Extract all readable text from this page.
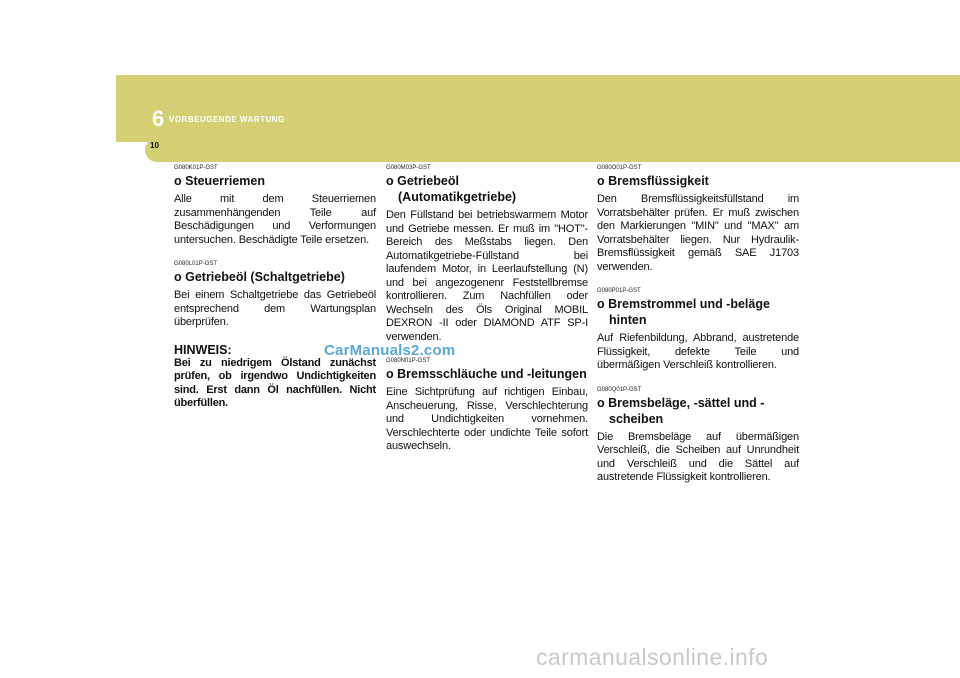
6 VORBEUGENDE WARTUNG
10
G080K01P-GST
o Steuerriemen

Alle mit dem Steuerriemen zusammenhängenden Teile auf Beschädigungen und Verformungen untersuchen. Beschädigte Teile ersetzen.

G080L01P-GST
o Getriebeöl (Schaltgetriebe)

Bei einem Schaltgetriebe das Getriebeöl entsprechend dem Wartungsplan überprüfen.

HINWEIS:
Bei zu niedrigem Ölstand zunächst prüfen, ob irgendwo Undichtigkeiten sind. Erst dann Öl nachfüllen. Nicht überfüllen.
G080M03P-GST
o Getriebeöl
(Automatikgetriebe)

Den Füllstand bei betriebswarmem Motor und Getriebe messen. Er muß im "HOT"-Bereich des Meßstabs liegen. Den Automatikgetriebe-Füllstand bei laufendem Motor, in Leerlaufstellung (N) und bei angezogenenr Feststellbremse kontrollieren. Zum Nachfüllen oder Wechseln des Öls Original MOBIL DEXRON -II oder DIAMOND ATF SP-I verwenden.

G080N01P-GST
o Bremsschläuche und -leitungen

Eine Sichtprüfung auf richtigen Einbau, Anscheuerung, Risse, Verschlechterung und Undichtigkeiten vornehmen. Verschlechterte oder undichte Teile sofort auswechseln.

G080O01P-GST
o Bremsflüssigkeit

Den Bremsflüssigkeitsfüllstand im Vorratsbehälter prüfen. Er muß zwischen den Markierungen "MIN" und "MAX" am Vorratsbehälter liegen. Nur Hydraulik-Bremsflüssigkeit gemäß SAE J1703 verwenden.

G080P01P-GST
o Bremstrommel und -beläge
hinten

Auf Riefenbildung, Abbrand, austretende Flüssigkeit, defekte Teile und übermäßigen Verschleiß kontrollieren.

G080Q01P-GST
o Bremsbeläge, -sättel und -
scheiben

Die Bremsbeläge auf übermäßigen Verschleiß, die Scheiben auf Unrundheit und Verschleiß und die Sättel auf austretende Flüssigkeit kontrollieren.

CarManuals2.com
carmanualsonline.info
